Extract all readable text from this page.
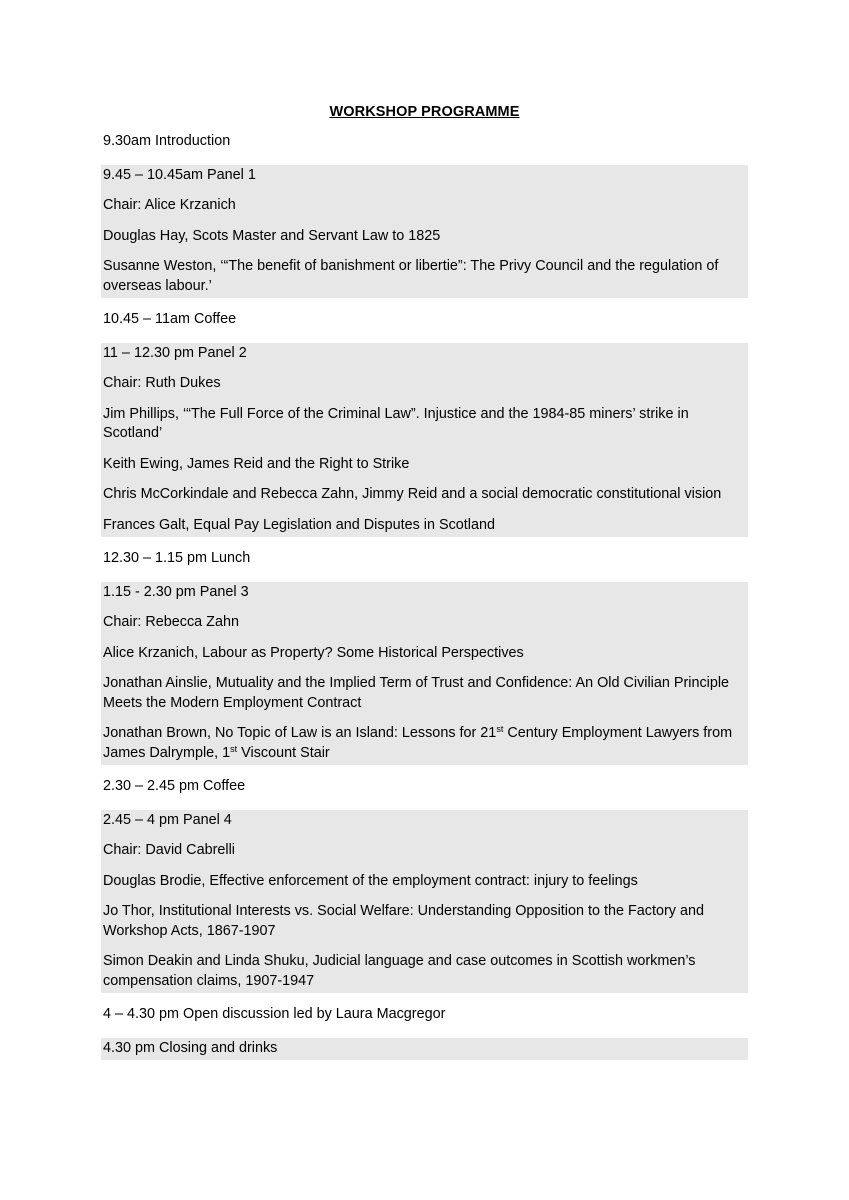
WORKSHOP PROGRAMME
9.30am Introduction
9.45 – 10.45am Panel 1
Chair: Alice Krzanich
Douglas Hay, Scots Master and Servant Law to 1825
Susanne Weston, ‘“The benefit of banishment or libertie”: The Privy Council and the regulation of overseas labour.’
10.45 – 11am Coffee
11 – 12.30 pm Panel 2
Chair: Ruth Dukes
Jim Phillips, ‘“The Full Force of the Criminal Law”. Injustice and the 1984-85 miners’ strike in Scotland’
Keith Ewing, James Reid and the Right to Strike
Chris McCorkindale and Rebecca Zahn, Jimmy Reid and a social democratic constitutional vision
Frances Galt, Equal Pay Legislation and Disputes in Scotland
12.30 – 1.15 pm Lunch
1.15 - 2.30 pm Panel 3
Chair: Rebecca Zahn
Alice Krzanich, Labour as Property? Some Historical Perspectives
Jonathan Ainslie, Mutuality and the Implied Term of Trust and Confidence: An Old Civilian Principle Meets the Modern Employment Contract
Jonathan Brown, No Topic of Law is an Island: Lessons for 21st Century Employment Lawyers from James Dalrymple, 1st Viscount Stair
2.30 – 2.45 pm Coffee
2.45 – 4 pm Panel 4
Chair: David Cabrelli
Douglas Brodie, Effective enforcement of the employment contract: injury to feelings
Jo Thor, Institutional Interests vs. Social Welfare: Understanding Opposition to the Factory and Workshop Acts, 1867-1907
Simon Deakin and Linda Shuku, Judicial language and case outcomes in Scottish workmen’s compensation claims, 1907-1947
4 – 4.30 pm Open discussion led by Laura Macgregor
4.30 pm Closing and drinks
